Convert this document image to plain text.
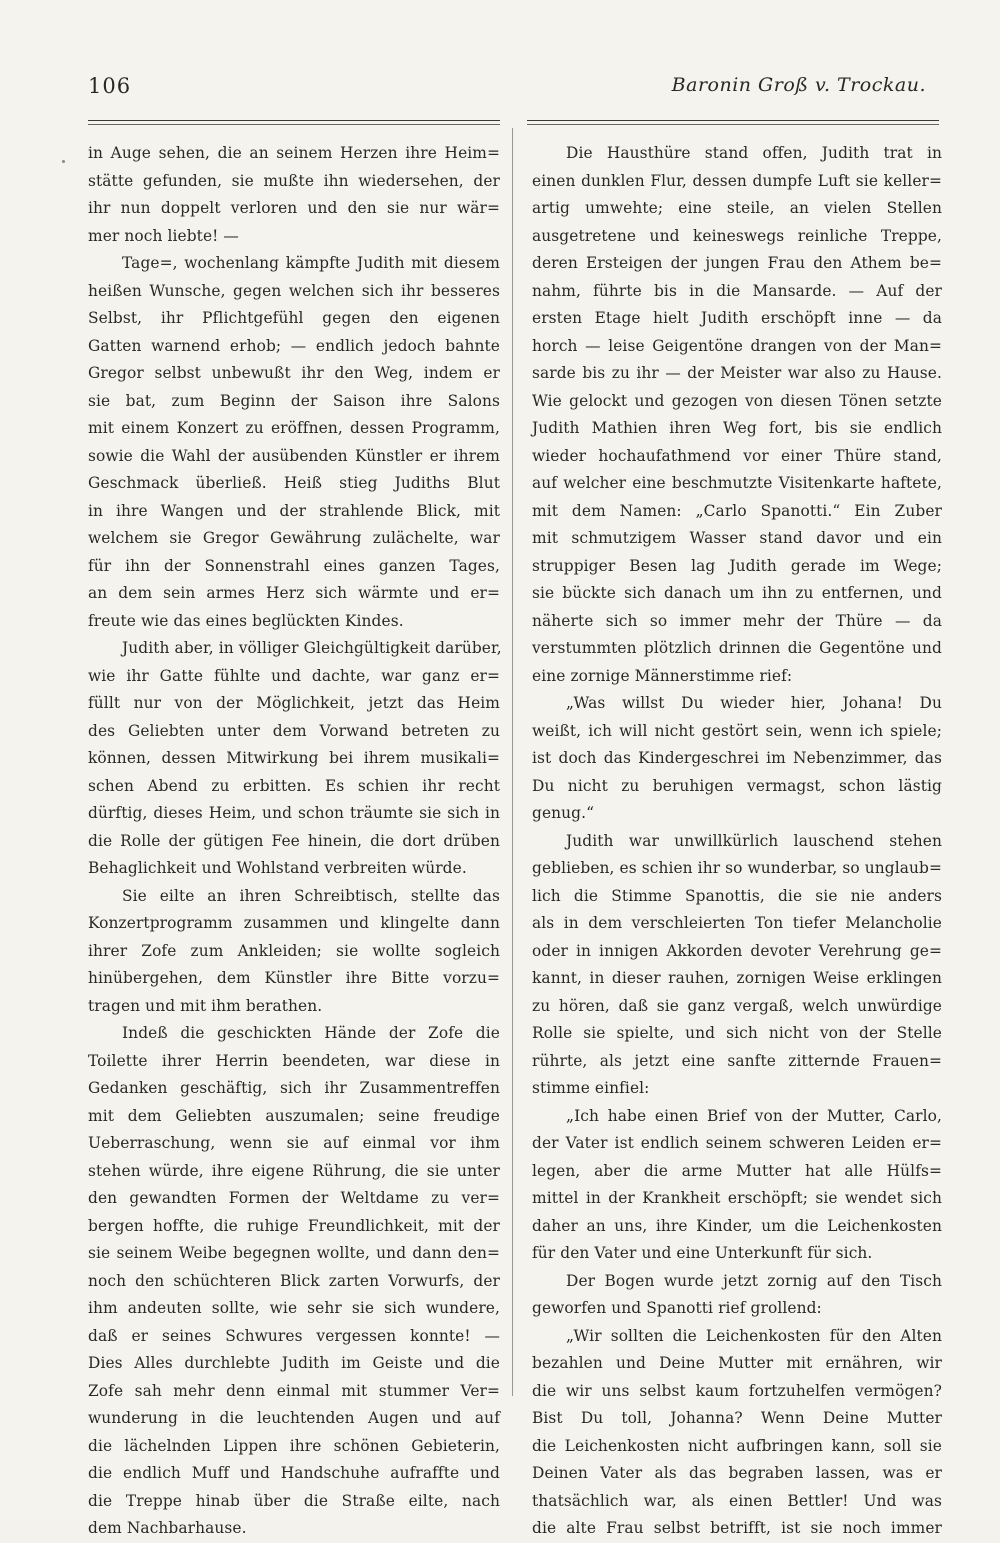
106	Baronin Groß v. Trockau.
in Auge sehen, die an seinem Herzen ihre Heim=
stätte gefunden, sie mußte ihn wiedersehen, der
ihr nun doppelt verloren und den sie nur wär=
mer noch liebte! —
Tage=, wochenlang kämpfte Judith mit diesem
heißen Wunsche, gegen welchen sich ihr besseres
Selbst, ihr Pflichtgefühl gegen den eigenen
Gatten warnend erhob; — endlich jedoch bahnte
Gregor selbst unbewußt ihr den Weg, indem er
sie bat, zum Beginn der Saison ihre Salons
mit einem Konzert zu eröffnen, dessen Programm,
sowie die Wahl der ausübenden Künstler er ihrem
Geschmack überließ. Heiß stieg Judiths Blut
in ihre Wangen und der strahlende Blick, mit
welchem sie Gregor Gewährung zulächelte, war
für ihn der Sonnenstrahl eines ganzen Tages,
an dem sein armes Herz sich wärmte und er=
freute wie das eines beglückten Kindes.
Judith aber, in völliger Gleichgültigkeit darüber,
wie ihr Gatte fühlte und dachte, war ganz er=
füllt nur von der Möglichkeit, jetzt das Heim
des Geliebten unter dem Vorwand betreten zu
können, dessen Mitwirkung bei ihrem musikali=
schen Abend zu erbitten. Es schien ihr recht
dürftig, dieses Heim, und schon träumte sie sich in
die Rolle der gütigen Fee hinein, die dort drüben
Behaglichkeit und Wohlstand verbreiten würde.
Sie eilte an ihren Schreibtisch, stellte das
Konzertprogramm zusammen und klingelte dann
ihrer Zofe zum Ankleiden; sie wollte sogleich
hinübergehen, dem Künstler ihre Bitte vorzu=
tragen und mit ihm berathen.
Indeß die geschickten Hände der Zofe die
Toilette ihrer Herrin beendeten, war diese in
Gedanken geschäftig, sich ihr Zusammentreffen
mit dem Geliebten auszumalen; seine freudige
Ueberraschung, wenn sie auf einmal vor ihm
stehen würde, ihre eigene Rührung, die sie unter
den gewandten Formen der Weltdame zu ver=
bergen hoffte, die ruhige Freundlichkeit, mit der
sie seinem Weibe begegnen wollte, und dann den=
noch den schüchteren Blick zarten Vorwurfs, der
ihm andeuten sollte, wie sehr sie sich wundere,
daß er seines Schwures vergessen konnte! —
Dies Alles durchlebte Judith im Geiste und die
Zofe sah mehr denn einmal mit stummer Ver=
wunderung in die leuchtenden Augen und auf
die lächelnden Lippen ihre schönen Gebieterin,
die endlich Muff und Handschuhe aufraffte und
die Treppe hinab über die Straße eilte, nach
dem Nachbarhause.
Die Hausthüre stand offen, Judith trat in
einen dunklen Flur, dessen dumpfe Luft sie keller=
artig umwehte; eine steile, an vielen Stellen
ausgetretene und keineswegs reinliche Treppe,
deren Ersteigen der jungen Frau den Athem be=
nahm, führte bis in die Mansarde. — Auf der
ersten Etage hielt Judith erschöpft inne — da
horch — leise Geigentöne drangen von der Man=
sarde bis zu ihr — der Meister war also zu Hause.
Wie gelockt und gezogen von diesen Tönen setzte
Judith Mathien ihren Weg fort, bis sie endlich
wieder hochaufathmend vor einer Thüre stand,
auf welcher eine beschmutzte Visitenkarte haftete,
mit dem Namen: „Carlo Spanotti.“ Ein Zuber
mit schmutzigem Wasser stand davor und ein
struppiger Besen lag Judith gerade im Wege;
sie bückte sich danach um ihn zu entfernen, und
näherte sich so immer mehr der Thüre — da
verstummten plötzlich drinnen die Gegentöne und
eine zornige Männerstimme rief:
„Was willst Du wieder hier, Johana! Du
weißt, ich will nicht gestört sein, wenn ich spiele;
ist doch das Kindergeschrei im Nebenzimmer, das
Du nicht zu beruhigen vermagst, schon lästig
genug.“
Judith war unwillkürlich lauschend stehen
geblieben, es schien ihr so wunderbar, so unglaub=
lich die Stimme Spanottis, die sie nie anders
als in dem verschleierten Ton tiefer Melancholie
oder in innigen Akkorden devoter Verehrung ge=
kannt, in dieser rauhen, zornigen Weise erklingen
zu hören, daß sie ganz vergaß, welch unwürdige
Rolle sie spielte, und sich nicht von der Stelle
rührte, als jetzt eine sanfte zitternde Frauen=
stimme einfiel:
„Ich habe einen Brief von der Mutter, Carlo,
der Vater ist endlich seinem schweren Leiden er=
legen, aber die arme Mutter hat alle Hülfs=
mittel in der Krankheit erschöpft; sie wendet sich
daher an uns, ihre Kinder, um die Leichenkosten
für den Vater und eine Unterkunft für sich.
Der Bogen wurde jetzt zornig auf den Tisch
geworfen und Spanotti rief grollend:
„Wir sollten die Leichenkosten für den Alten
bezahlen und Deine Mutter mit ernähren, wir
die wir uns selbst kaum fortzuhelfen vermögen?
Bist Du toll, Johanna? Wenn Deine Mutter
die Leichenkosten nicht aufbringen kann, soll sie
Deinen Vater als das begraben lassen, was er
thatsächlich war, als einen Bettler! Und was
die alte Frau selbst betrifft, ist sie noch immer
